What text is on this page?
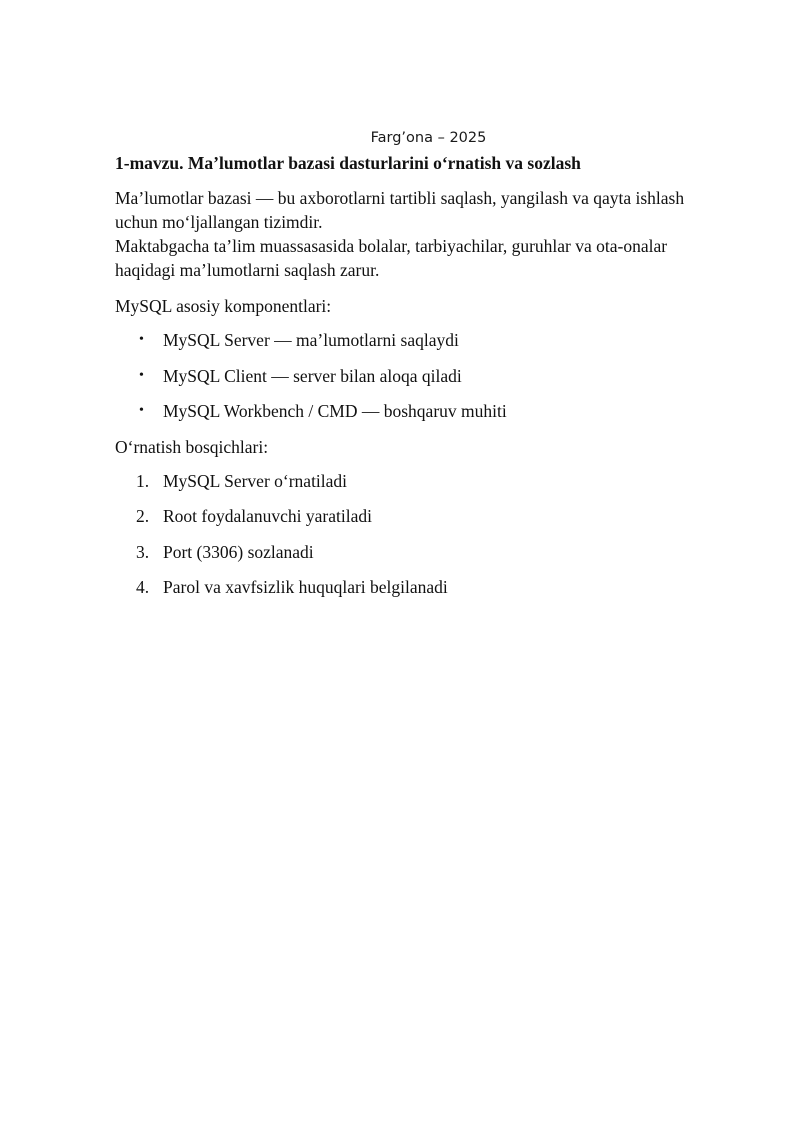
Farg’ona – 2025
1-mavzu. Ma’lumotlar bazasi dasturlarini o‘rnatish va sozlash
Ma’lumotlar bazasi — bu axborotlarni tartibli saqlash, yangilash va qayta ishlash
uchun mo‘ljallangan tizimdir.
Maktabgacha ta’lim muassasasida bolalar, tarbiyachilar, guruhlar va ota-onalar
haqidagi ma’lumotlarni saqlash zarur.
MySQL asosiy komponentlari:
•	MySQL Server — ma’lumotlarni saqlaydi
•	MySQL Client — server bilan aloqa qiladi
•	MySQL Workbench / CMD — boshqaruv muhiti
O‘rnatish bosqichlari:
1. MySQL Server o‘rnatiladi
2. Root foydalanuvchi yaratiladi
3. Port (3306) sozlanadi
4. Parol va xavfsizlik huquqlari belgilanadi
